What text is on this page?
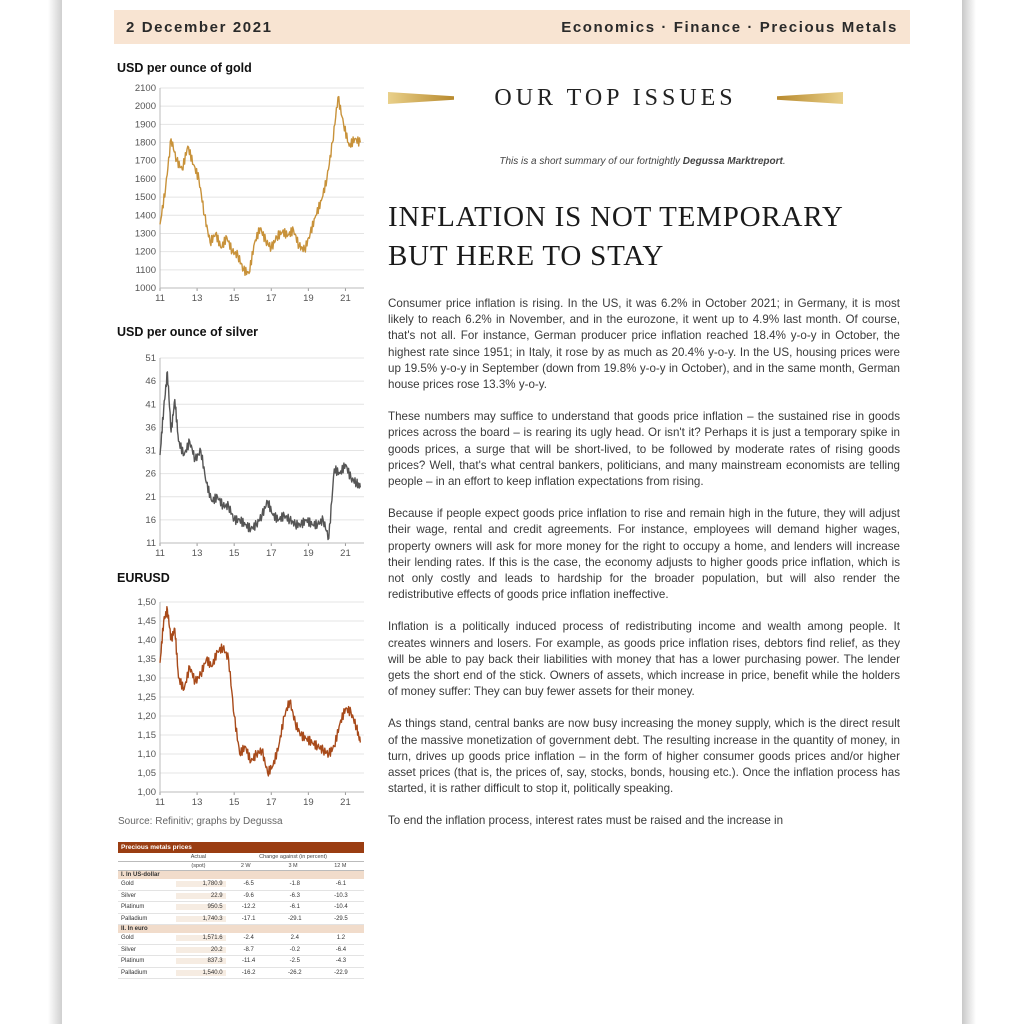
2 December 2021	Economics · Finance · Precious Metals
USD per ounce of gold
1000
1100
1200
1300
1400
1500
1600
1700
1800
1900
2000
2100
11	13	15	17	19	21
USD per ounce of silver
11
16
21
26
31
36
41
46
51
11	13	15	17	19	21
EURUSD
1,00
1,05
1,10
1,15
1,20
1,25
1,30
1,35
1,40
1,45
1,50
11	13	15	17	19	21
Source: Refinitiv; graphs by Degussa
Precious metals prices
Actual	Change against (in percent)
(spot)	2 W	3 M	12 M
I. In US-dollar
Gold	1,780.9	-6.5	-1.8	-6.1
Silver	22.9	-9.6	-6.3	-10.3
Platinum	950.5	-12.2	-6.1	-10.4
Palladium	1,740.3	-17.1	-29.1	-29.5
II. In euro
Gold	1,571.6	-2.4	2.4	1.2
Silver	20.2	-8.7	-0.2	-6.4
Platinum	837.3	-11.4	-2.5	-4.3
Palladium	1,540.0	-16.2	-26.2	-22.9
OUR TOP ISSUES
This is a short summary of our fortnightly Degussa Marktreport.
INFLATION IS NOT TEMPORARY
BUT HERE TO STAY

Consumer price inflation is rising. In the US, it was 6.2% in October 2021; in Germany, it is most likely to reach 6.2% in November, and in the eurozone, it went up to 4.9% last month. Of course, that's not all. For instance, German producer price inflation reached 18.4% y-o-y in October, the highest rate since 1951; in Italy, it rose by as much as 20.4% y-o-y. In the US, housing prices were up 19.5% y-o-y in September (down from 19.8% y-o-y in October), and in the same month, German house prices rose 13.3% y-o-y.

These numbers may suffice to understand that goods price inflation – the sustained rise in goods prices across the board – is rearing its ugly head. Or isn't it? Perhaps it is just a temporary spike in goods prices, a surge that will be short-lived, to be followed by moderate rates of rising goods prices? Well, that's what central bankers, politicians, and many mainstream economists are telling people – in an effort to keep inflation expectations from rising.

Because if people expect goods price inflation to rise and remain high in the future, they will adjust their wage, rental and credit agreements. For instance, employees will demand higher wages, property owners will ask for more money for the right to occupy a home, and lenders will increase their lending rates. If this is the case, the economy adjusts to higher goods price inflation, which is not only costly and leads to hardship for the broader population, but will also render the redistributive effects of goods price inflation ineffective.

Inflation is a politically induced process of redistributing income and wealth among people. It creates winners and losers. For example, as goods price inflation rises, debtors find relief, as they will be able to pay back their liabilities with money that has a lower purchasing power. The lender gets the short end of the stick. Owners of assets, which increase in price, benefit while the holders of money suffer: They can buy fewer assets for their money.

As things stand, central banks are now busy increasing the money supply, which is the direct result of the massive monetization of government debt. The resulting increase in the quantity of money, in turn, drives up goods price inflation – in the form of higher consumer goods prices and/or higher asset prices (that is, the prices of, say, stocks, bonds, housing etc.). Once the inflation process has started, it is rather difficult to stop it, politically speaking.

To end the inflation process, interest rates must be raised and the increase in
